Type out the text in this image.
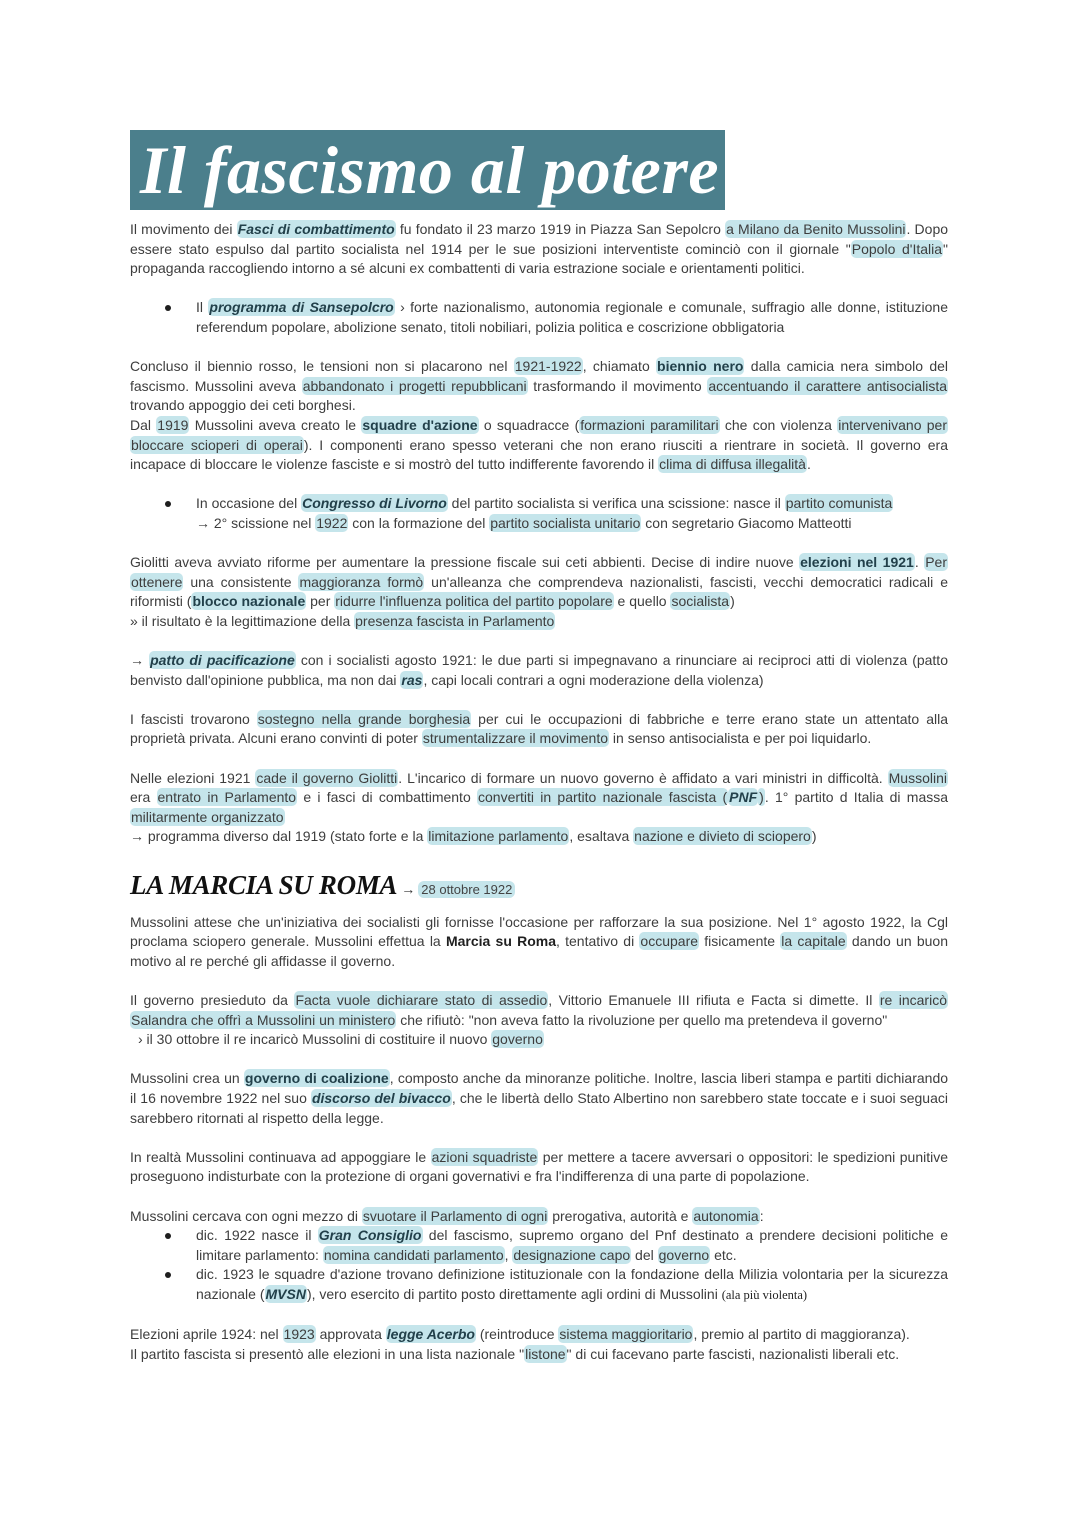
Il fascismo al potere
Il movimento dei Fasci di combattimento fu fondato il 23 marzo 1919 in Piazza San Sepolcro a Milano da Benito Mussolini. Dopo essere stato espulso dal partito socialista nel 1914 per le sue posizioni interventiste cominciò con il giornale "Popolo d'Italia" propaganda raccogliendo intorno a sé alcuni ex combattenti di varia estrazione sociale e orientamenti politici.
Il programma di Sansepolcro › forte nazionalismo, autonomia regionale e comunale, suffragio alle donne, istituzione referendum popolare, abolizione senato, titoli nobiliari, polizia politica e coscrizione obbligatoria
Concluso il biennio rosso, le tensioni non si placarono nel 1921-1922, chiamato biennio nero dalla camicia nera simbolo del fascismo. Mussolini aveva abbandonato i progetti repubblicani trasformando il movimento accentuando il carattere antisocialista trovando appoggio dei ceti borghesi.
Dal 1919 Mussolini aveva creato le squadre d'azione o squadracce (formazioni paramilitari che con violenza intervenivano per bloccare scioperi di operai). I componenti erano spesso veterani che non erano riusciti a rientrare in società. Il governo era incapace di bloccare le violenze fasciste e si mostrò del tutto indifferente favorendo il clima di diffusa illegalità.
In occasione del Congresso di Livorno del partito socialista si verifica una scissione: nasce il partito comunista
→ 2° scissione nel 1922 con la formazione del partito socialista unitario con segretario Giacomo Matteotti
Giolitti aveva avviato riforme per aumentare la pressione fiscale sui ceti abbienti. Decise di indire nuove elezioni nel 1921. Per ottenere una consistente maggioranza formò un'alleanza che comprendeva nazionalisti, fascisti, vecchi democratici radicali e riformisti (blocco nazionale per ridurre l'influenza politica del partito popolare e quello socialista)
» il risultato è la legittimazione della presenza fascista in Parlamento
→ patto di pacificazione con i socialisti agosto 1921: le due parti si impegnavano a rinunciare ai reciproci atti di violenza (patto benvisto dall'opinione pubblica, ma non dai ras, capi locali contrari a ogni moderazione della violenza)
I fascisti trovarono sostegno nella grande borghesia per cui le occupazioni di fabbriche e terre erano state un attentato alla proprietà privata. Alcuni erano convinti di poter strumentalizzare il movimento in senso antisocialista e per poi liquidarlo.
Nelle elezioni 1921 cade il governo Giolitti. L'incarico di formare un nuovo governo è affidato a vari ministri in difficoltà. Mussolini era entrato in Parlamento e i fasci di combattimento convertiti in partito nazionale fascista ( PNF ). 1° partito d Italia di massa militarmente organizzato
→ programma diverso dal 1919 (stato forte e la limitazione parlamento, esaltava nazione e divieto di sciopero)
LA MARCIA SU ROMA → 28 ottobre 1922
Mussolini attese che un'iniziativa dei socialisti gli fornisse l'occasione per rafforzare la sua posizione. Nel 1° agosto 1922, la Cgl proclama sciopero generale. Mussolini effettua la Marcia su Roma, tentativo di occupare fisicamente la capitale dando un buon motivo al re perché gli affidasse il governo.
Il governo presieduto da Facta vuole dichiarare stato di assedio, Vittorio Emanuele III rifiuta e Facta si dimette. Il re incaricò Salandra che offrì a Mussolini un ministero che rifiutò: "non aveva fatto la rivoluzione per quello ma pretendeva il governo"
› il 30 ottobre il re incaricò Mussolini di costituire il nuovo governo
Mussolini crea un governo di coalizione, composto anche da minoranze politiche. Inoltre, lascia liberi stampa e partiti dichiarando il 16 novembre 1922 nel suo discorso del bivacco, che le libertà dello Stato Albertino non sarebbero state toccate e i suoi seguaci sarebbero ritornati al rispetto della legge.
In realtà Mussolini continuava ad appoggiare le azioni squadriste per mettere a tacere avversari o oppositori: le spedizioni punitive proseguono indisturbate con la protezione di organi governativi e fra l'indifferenza di una parte di popolazione.
Mussolini cercava con ogni mezzo di svuotare il Parlamento di ogni prerogativa, autorità e autonomia:
dic. 1922 nasce il Gran Consiglio del fascismo, supremo organo del Pnf destinato a prendere decisioni politiche e limitare parlamento: nomina candidati parlamento, designazione capo del governo etc.
dic. 1923 le squadre d'azione trovano definizione istituzionale con la fondazione della Milizia volontaria per la sicurezza nazionale (MVSN), vero esercito di partito posto direttamente agli ordini di Mussolini (ala più violenta)
Elezioni aprile 1924: nel 1923 approvata legge Acerbo (reintroduce sistema maggioritario, premio al partito di maggioranza).
Il partito fascista si presentò alle elezioni in una lista nazionale "listone" di cui facevano parte fascisti, nazionalisti liberali etc.
